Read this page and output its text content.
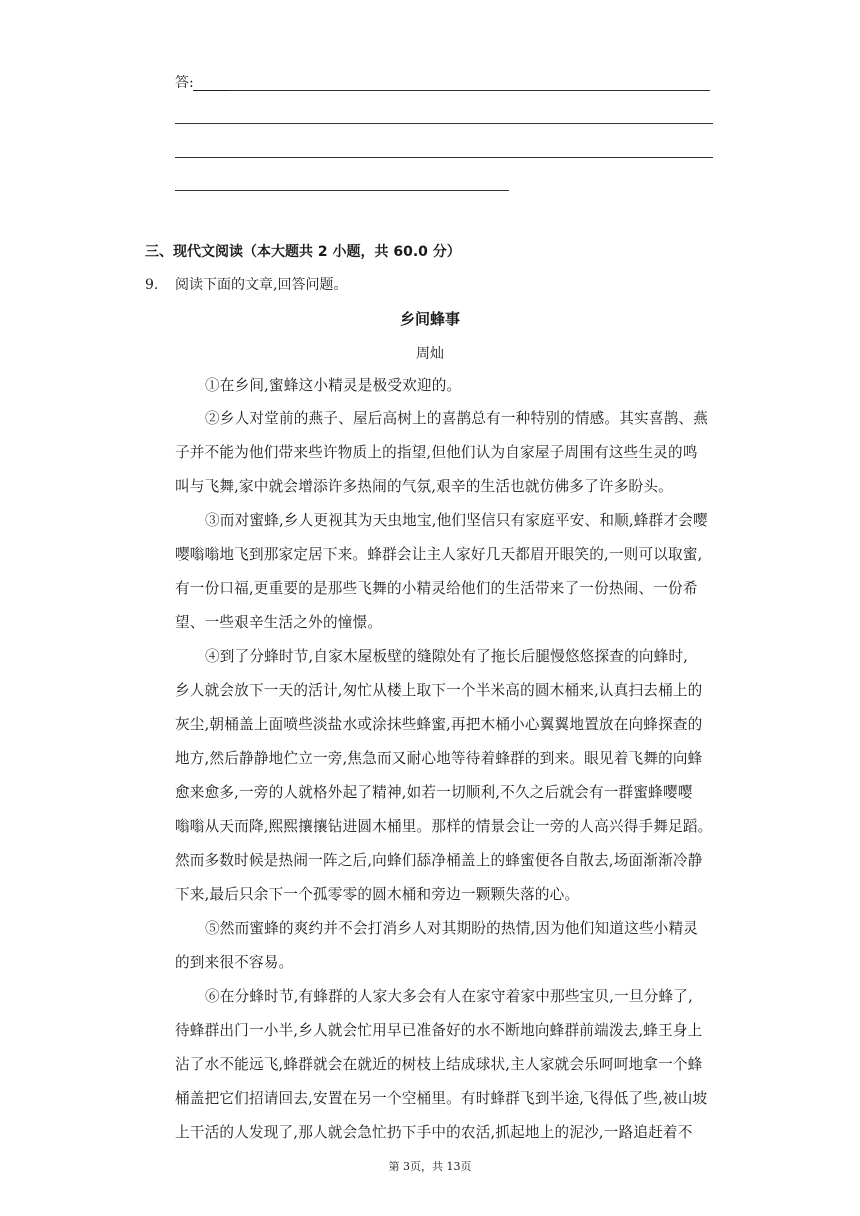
答:
三、现代文阅读（本大题共 2 小题，共 60.0 分）
9. 阅读下面的文章,回答问题。
乡间蜂事
周灿
①在乡间,蜜蜂这小精灵是极受欢迎的。
②乡人对堂前的燕子、屋后高树上的喜鹊总有一种特别的情感。其实喜鹊、燕
子并不能为他们带来些许物质上的指望,但他们认为自家屋子周围有这些生灵的鸣
叫与飞舞,家中就会增添许多热闹的气氛,艰辛的生活也就仿佛多了许多盼头。
③而对蜜蜂,乡人更视其为天虫地宝,他们坚信只有家庭平安、和顺,蜂群才会嘤
嘤嗡嗡地飞到那家定居下来。蜂群会让主人家好几天都眉开眼笑的,一则可以取蜜,
有一份口福,更重要的是那些飞舞的小精灵给他们的生活带来了一份热闹、一份希
望、一些艰辛生活之外的憧憬。
④到了分蜂时节,自家木屋板壁的缝隙处有了拖长后腿慢悠悠探查的向蜂时,
乡人就会放下一天的活计,匆忙从楼上取下一个半米高的圆木桶来,认真扫去桶上的
灰尘,朝桶盖上面喷些淡盐水或涂抹些蜂蜜,再把木桶小心翼翼地置放在向蜂探查的
地方,然后静静地伫立一旁,焦急而又耐心地等待着蜂群的到来。眼见着飞舞的向蜂
愈来愈多,一旁的人就格外起了精神,如若一切顺利,不久之后就会有一群蜜蜂嘤嘤
嗡嗡从天而降,熙熙攘攘钻进圆木桶里。那样的情景会让一旁的人高兴得手舞足蹈。
然而多数时候是热闹一阵之后,向蜂们舔净桶盖上的蜂蜜便各自散去,场面渐渐冷静
下来,最后只余下一个孤零零的圆木桶和旁边一颗颗失落的心。
⑤然而蜜蜂的爽约并不会打消乡人对其期盼的热情,因为他们知道这些小精灵
的到来很不容易。
⑥在分蜂时节,有蜂群的人家大多会有人在家守着家中那些宝贝,一旦分蜂了,
待蜂群出门一小半,乡人就会忙用早已准备好的水不断地向蜂群前端泼去,蜂王身上
沾了水不能远飞,蜂群就会在就近的树枝上结成球状,主人家就会乐呵呵地拿一个蜂
桶盖把它们招请回去,安置在另一个空桶里。有时蜂群飞到半途,飞得低了些,被山坡
上干活的人发现了,那人就会急忙扔下手中的农活,抓起地上的泥沙,一路追赶着不
第 3页，共 13页
